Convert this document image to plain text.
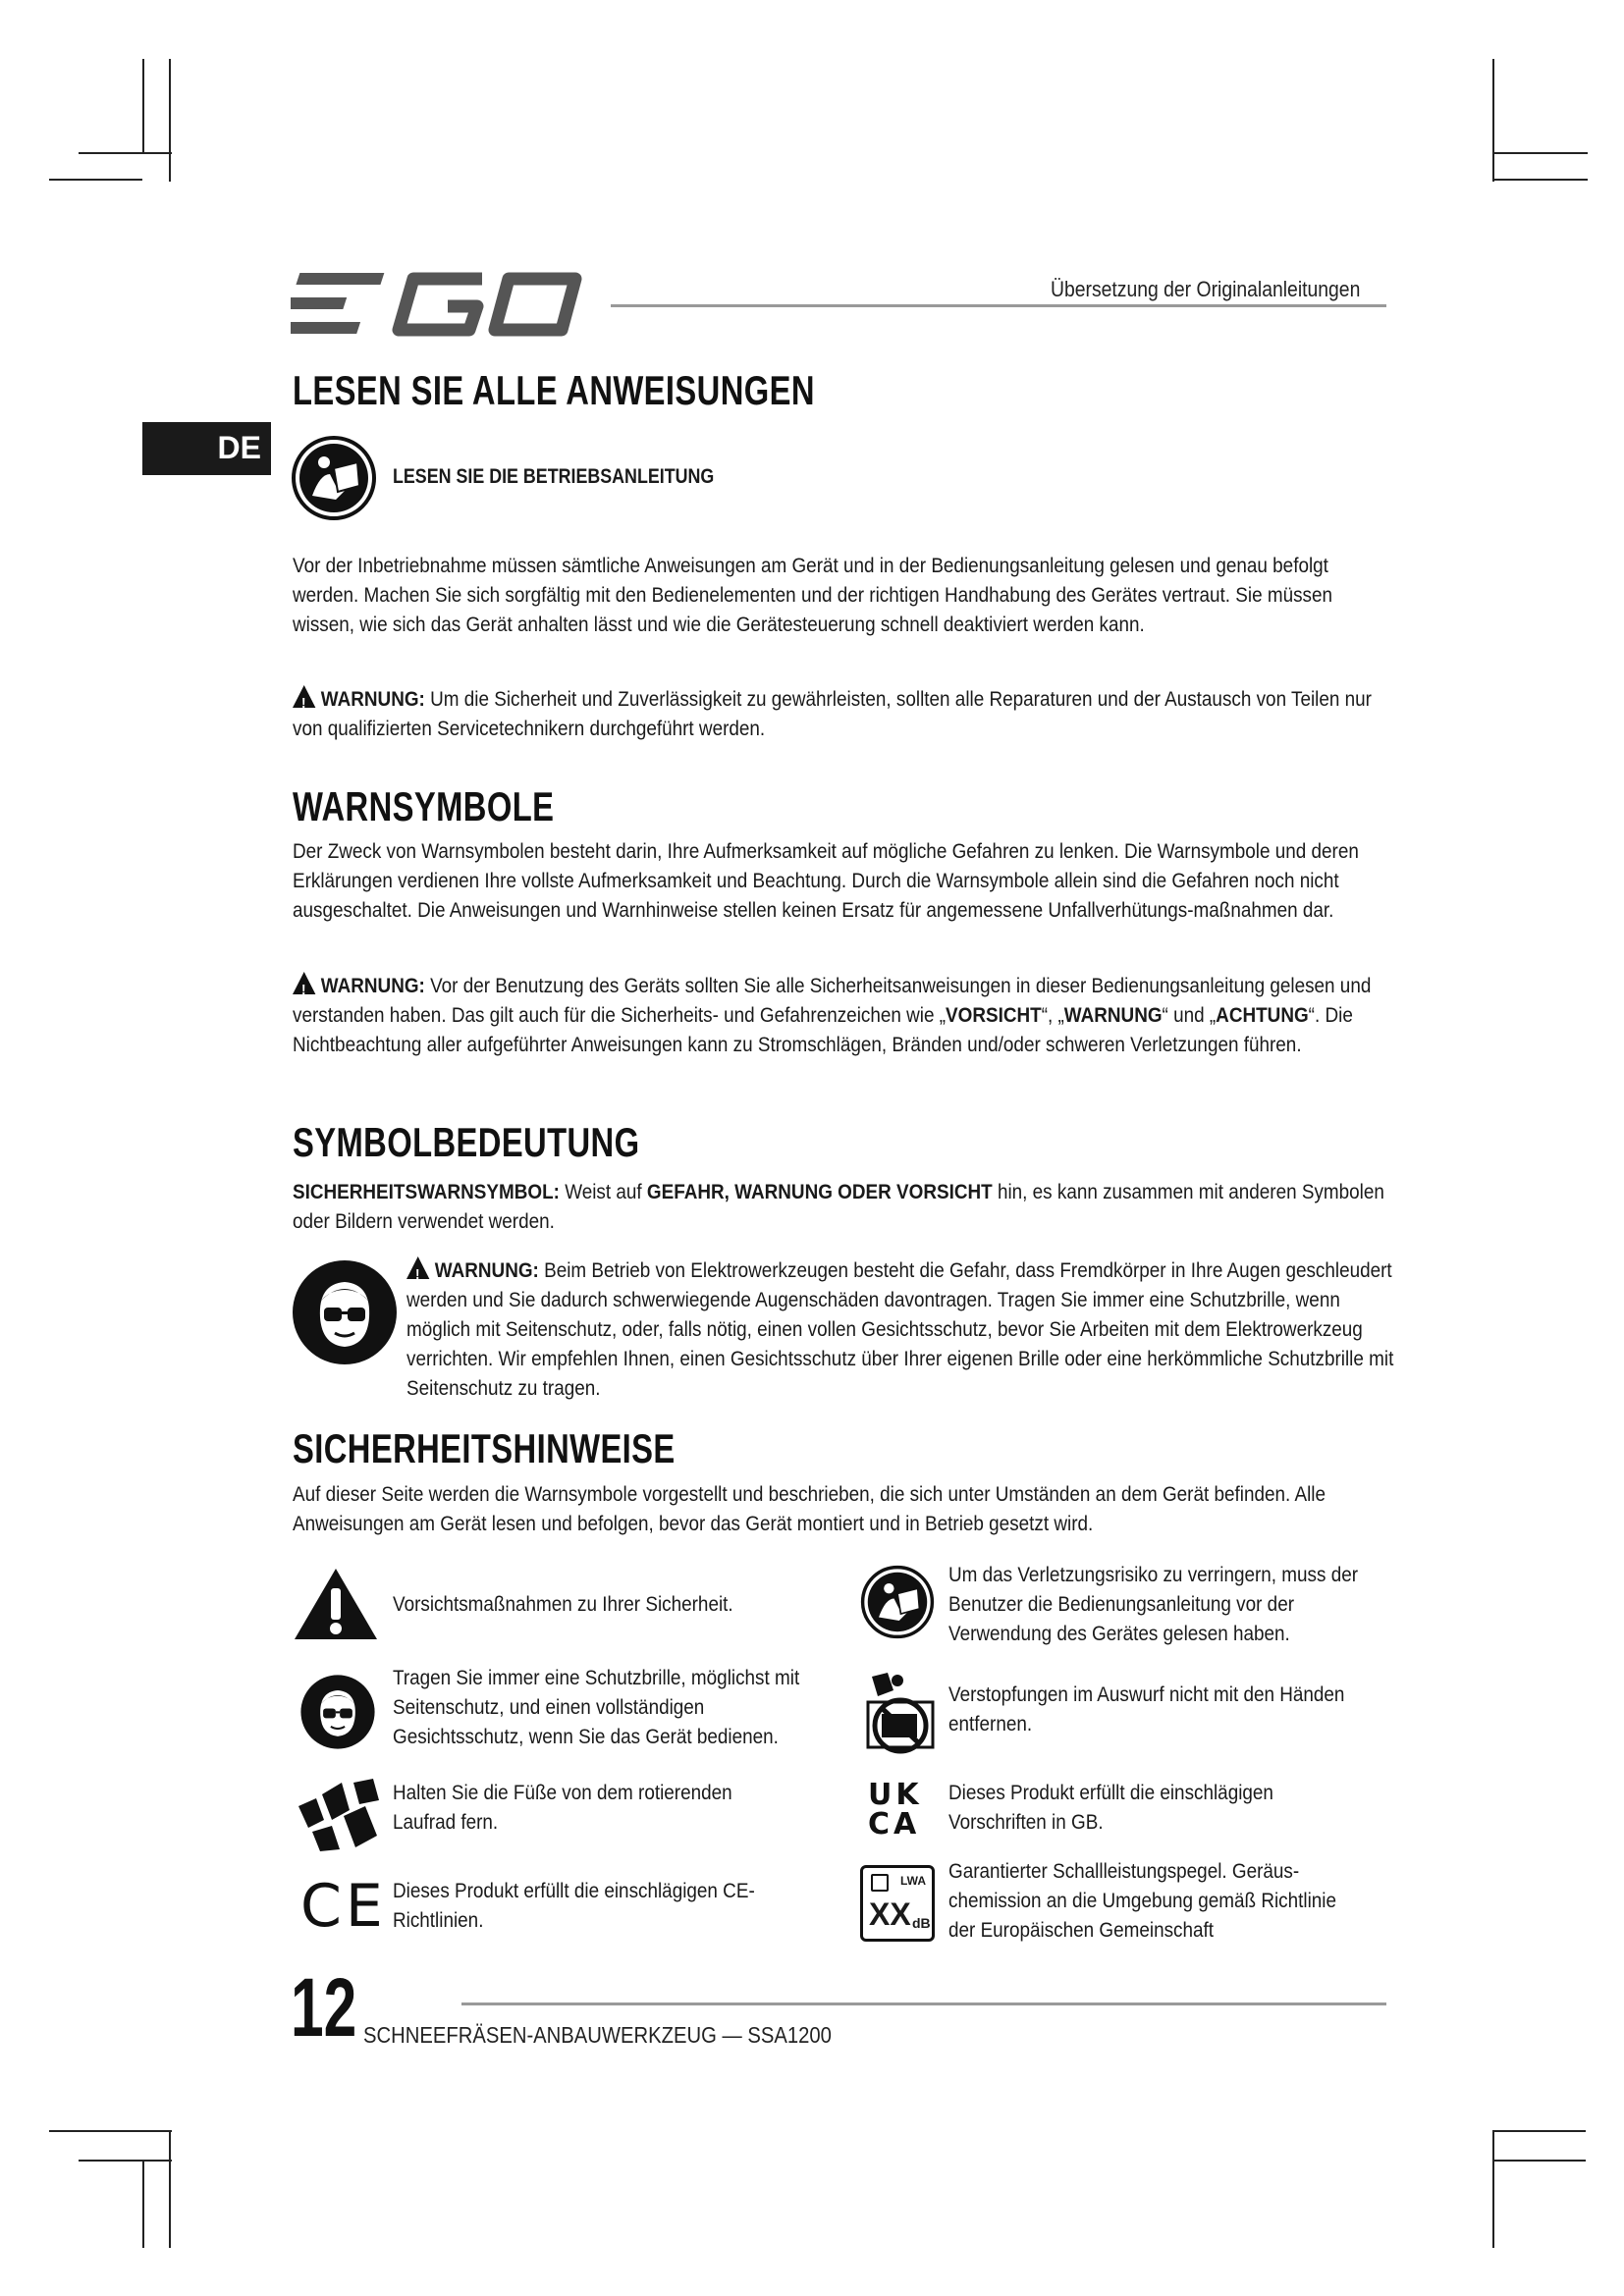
EGO
Übersetzung der Originalanleitungen
DE
LESEN SIE ALLE ANWEISUNGEN
LESEN SIE DIE BETRIEBSANLEITUNG
Vor der Inbetriebnahme müssen sämtliche Anweisungen am Gerät und in der Bedienungsanleitung gelesen und genau befolgt werden. Machen Sie sich sorgfältig mit den Bedienelementen und der richtigen Handhabung des Gerätes vertraut. Sie müssen wissen, wie sich das Gerät anhalten lässt und wie die Gerätesteuerung schnell deaktiviert werden kann.
!WARNUNG: Um die Sicherheit und Zuverlässigkeit zu gewährleisten, sollten alle Reparaturen und der Austausch von Teilen nur von qualifizierten Servicetechnikern durchgeführt werden.
WARNSYMBOLE
Der Zweck von Warnsymbolen besteht darin, Ihre Aufmerksamkeit auf mögliche Gefahren zu lenken. Die Warnsymbole und deren Erklärungen verdienen Ihre vollste Aufmerksamkeit und Beachtung. Durch die Warnsymbole allein sind die Gefahren noch nicht ausgeschaltet. Die Anweisungen und Warnhinweise stellen keinen Ersatz für angemessene Unfallverhütungs-maßnahmen dar.
!WARNUNG: Vor der Benutzung des Geräts sollten Sie alle Sicherheitsanweisungen in dieser Bedienungsanleitung gelesen und verstanden haben. Das gilt auch für die Sicherheits- und Gefahrenzeichen wie „VORSICHT“, „WARNUNG“ und „ACHTUNG“. Die Nichtbeachtung aller aufgeführter Anweisungen kann zu Stromschlägen, Bränden und/oder schweren Verletzungen führen.
SYMBOLBEDEUTUNG
SICHERHEITSWARNSYMBOL: Weist auf GEFAHR, WARNUNG ODER VORSICHT hin, es kann zusammen mit anderen Symbolen oder Bildern verwendet werden.
!WARNUNG: Beim Betrieb von Elektrowerkzeugen besteht die Gefahr, dass Fremdkörper in Ihre Augen geschleudert werden und Sie dadurch schwerwiegende Augenschäden davontragen. Tragen Sie immer eine Schutzbrille, wenn möglich mit Seitenschutz, oder, falls nötig, einen vollen Gesichtsschutz, bevor Sie Arbeiten mit dem Elektrowerkzeug verrichten. Wir empfehlen Ihnen, einen Gesichtsschutz über Ihrer eigenen Brille oder eine herkömmliche Schutzbrille mit Seitenschutz zu tragen.
SICHERHEITSHINWEISE
Auf dieser Seite werden die Warnsymbole vorgestellt und beschrieben, die sich unter Umständen an dem Gerät befinden. Alle Anweisungen am Gerät lesen und befolgen, bevor das Gerät montiert und in Betrieb gesetzt wird.
Vorsichtsmaßnahmen zu Ihrer Sicherheit.
Tragen Sie immer eine Schutzbrille, möglichst mit Seitenschutz, und einen vollständigen Gesichtsschutz, wenn Sie das Gerät bedienen.
Halten Sie die Füße von dem rotierenden Laufrad fern.
CE Dieses Produkt erfüllt die einschlägigen CE-Richtlinien.
Um das Verletzungsrisiko zu verringern, muss der Benutzer die Bedienungsanleitung vor der Verwendung des Gerätes gelesen haben.
Verstopfungen im Auswurf nicht mit den Händen entfernen.
UK
CA
Dieses Produkt erfüllt die einschlägigen Vorschriften in GB.
LWA
XX dB
Garantierter Schallleistungspegel. Geräus-chemission an die Umgebung gemäß Richtlinie der Europäischen Gemeinschaft
12 SCHNEEFRÄSEN-ANBAUWERKZEUG — SSA1200
